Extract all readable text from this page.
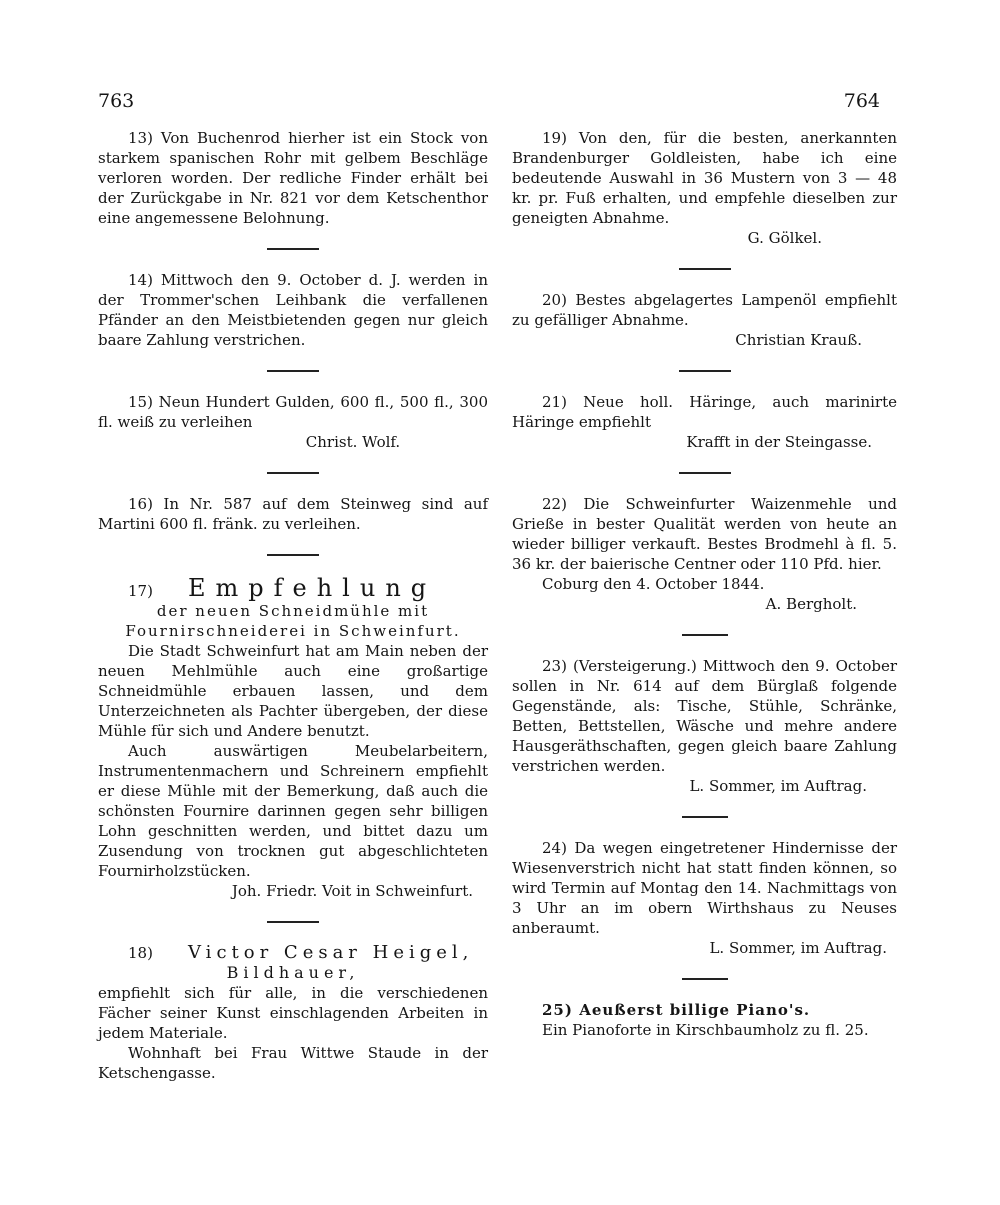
763	764

13) Von Buchenrod hierher ist ein Stock von starkem spanischen Rohr mit gelbem Beschläge verloren worden. Der redliche Finder erhält bei der Zurückgabe in Nr. 821 vor dem Ketschenthor eine angemessene Belohnung.

14) Mittwoch den 9. October d. J. werden in der Trommer'schen Leihbank die verfallenen Pfänder an den Meistbietenden gegen nur gleich baare Zahlung verstrichen.

15) Neun Hundert Gulden, 600 fl., 500 fl., 300 fl. weiß zu verleihen

Christ. Wolf.

16) In Nr. 587 auf dem Steinweg sind auf Martini 600 fl. fränk. zu verleihen.

17)	Empfehlung

der neuen Schneidmühle mit Fournirschneiderei in Schweinfurt.

Die Stadt Schweinfurt hat am Main neben der neuen Mehlmühle auch eine großartige Schneidmühle erbauen lassen, und dem Unterzeichneten als Pachter übergeben, der diese Mühle für sich und Andere benutzt.

Auch auswärtigen Meubelarbeitern, Instrumentenmachern und Schreinern empfiehlt er diese Mühle mit der Bemerkung, daß auch die schönsten Fournire darinnen gegen sehr billigen Lohn geschnitten werden, und bittet dazu um Zusendung von trocknen gut abgeschlichteten Fournirholzstücken.

Joh. Friedr. Voit in Schweinfurt.
18)	Victor Cesar Heigel,

Bildhauer,

empfiehlt sich für alle, in die verschiedenen Fächer seiner Kunst einschlagenden Arbeiten in jedem Materiale.

Wohnhaft bei Frau Wittwe Staude in der Ketschengasse.

19) Von den, für die besten, anerkannten Brandenburger Goldleisten, habe ich eine bedeutende Auswahl in 36 Mustern von 3 — 48 kr. pr. Fuß erhalten, und empfehle dieselben zur geneigten Abnahme.

G. Gölkel.

20) Bestes abgelagertes Lampenöl empfiehlt zu gefälliger Abnahme.

Christian Krauß.

21) Neue holl. Häringe, auch marinirte Häringe empfiehlt

Krafft in der Steingasse.

22) Die Schweinfurter Waizenmehle und Grieße in bester Qualität werden von heute an wieder billiger verkauft. Bestes Brodmehl à fl. 5. 36 kr. der baierische Centner oder 110 Pfd. hier.

Coburg den 4. October 1844.

A. Bergholt.

23) (Versteigerung.) Mittwoch den 9. October sollen in Nr. 614 auf dem Bürglaß folgende Gegenstände, als: Tische, Stühle, Schränke, Betten, Bettstellen, Wäsche und mehre andere Hausgeräthschaften, gegen gleich baare Zahlung verstrichen werden.

L. Sommer, im Auftrag.

24) Da wegen eingetretener Hindernisse der Wiesenverstrich nicht hat statt finden können, so wird Termin auf Montag den 14. Nachmittags von 3 Uhr an im obern Wirthshaus zu Neuses anberaumt.

L. Sommer, im Auftrag.

25) Aeußerst billige Piano's.

Ein Pianoforte in Kirschbaumholz zu fl. 25.
